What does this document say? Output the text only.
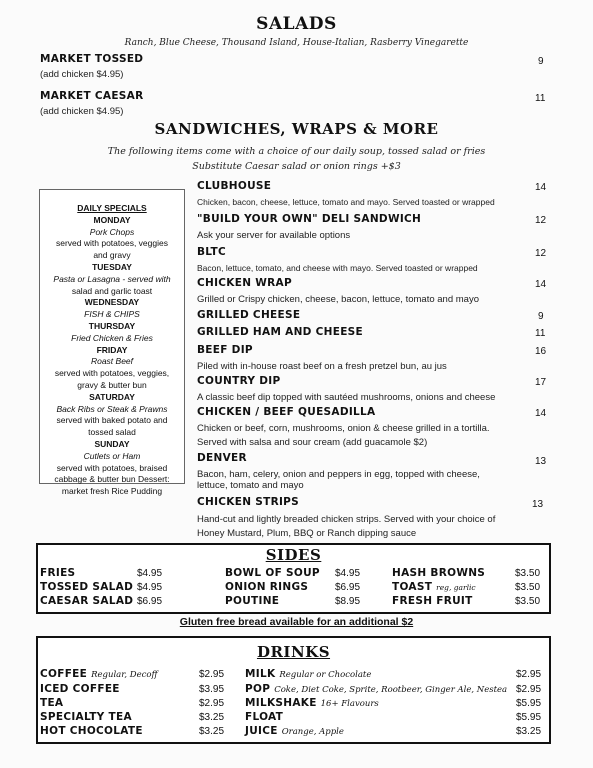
SALADS
Ranch, Blue Cheese, Thousand Island, House-Italian, Rasberry Vinegarette
MARKET TOSSED
(add chicken $4.95)
9
MARKET CAESAR
(add chicken $4.95)
11
SANDWICHES, WRAPS & MORE
The following items come with a choice of our daily soup, tossed salad or fries
Substitute Caesar salad or onion rings +$3
CLUBHOUSE
Chicken, bacon, cheese, lettuce, tomato and mayo. Served toasted or wrapped
14
"BUILD YOUR OWN" DELI SANDWICH
Ask your server for available options
12
BLTC
Bacon, lettuce, tomato, and cheese with mayo. Served toasted or wrapped
12
CHICKEN WRAP
Grilled or Crispy chicken, cheese, bacon, lettuce, tomato and mayo
14
GRILLED CHEESE	9
GRILLED HAM AND CHEESE	11
BEEF DIP
Piled with in-house roast beef on a fresh pretzel bun, au jus
16
COUNTRY DIP
A classic beef dip topped with sautéed mushrooms, onions and cheese
17
CHICKEN / BEEF QUESADILLA
Chicken or beef, corn, mushrooms, onion & cheese grilled in a tortilla.
Served with salsa and sour cream (add guacamole $2)
14
DENVER
Bacon, ham, celery, onion and peppers in egg, topped with cheese,
lettuce, tomato and mayo
13
CHICKEN STRIPS
Hand-cut and lightly breaded chicken strips. Served with your choice of
Honey Mustard, Plum, BBQ or Ranch dipping sauce
13
DAILY SPECIALS
MONDAY
Pork Chops
served with potatoes, veggies
and gravy
TUESDAY
Pasta or Lasagna - served with
salad and garlic toast
WEDNESDAY
FISH & CHIPS
THURSDAY
Fried Chicken & Fries
FRIDAY
Roast Beef
served with potatoes, veggies,
gravy & butter bun
SATURDAY
Back Ribs or Steak & Prawns
served with baked potato and
tossed salad
SUNDAY
Cutlets or Ham
served with potatoes, braised
cabbage & butter bun Dessert:
market fresh Rice Pudding
SIDES
FRIES	$4.95
TOSSED SALAD $4.95
CAESAR SALAD $6.95
BOWL OF SOUP $4.95
ONION RINGS	$6.95
POUTINE	$8.95
HASH BROWNS	$3.50
TOAST reg, garlic	$3.50
FRESH FRUIT	$3.50
Gluten free bread available for an additional $2
DRINKS
COFFEE Regular, Decoff	$2.95
ICED COFFEE	$3.95
TEA	$2.95
SPECIALTY TEA	$3.25
HOT CHOCOLATE	$3.25
MILK Regular or Chocolate	$2.95
POP Coke, Diet Coke, Sprite, Rootbeer, Ginger Ale, Nestea $2.95
MILKSHAKE 16+ Flavours	$5.95
FLOAT	$5.95
JUICE Orange, Apple	$3.25
